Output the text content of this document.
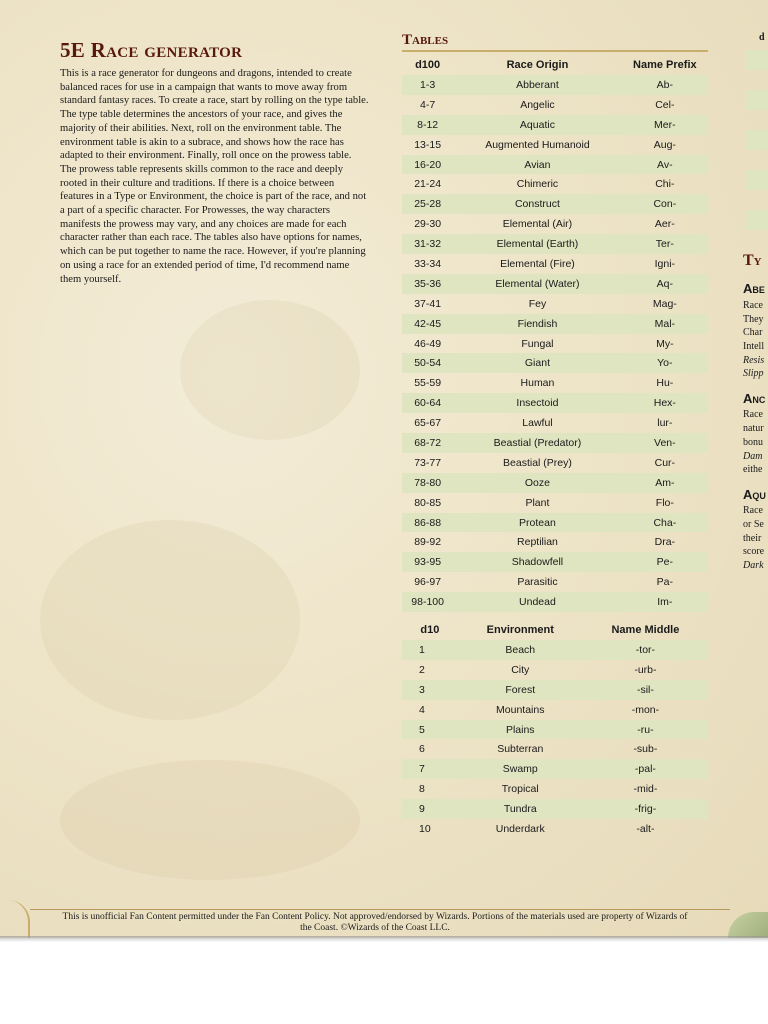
5E Race generator

This is a race generator for dungeons and dragons, intended to create balanced races for use in a campaign that wants to move away from standard fantasy races. To create a race, start by rolling on the type table. The type table determines the ancestors of your race, and gives the majority of their abilities. Next, roll on the environment table. The environment table is akin to a subrace, and shows how the race has adapted to their environment. Finally, roll once on the prowess table. The prowess table represents skills common to the race and deeply rooted in their culture and traditions. If there is a choice between features in a Type or Environment, the choice is part of the race, and not a part of a specific character. For Prowesses, the way characters manifests the prowess may vary, and any choices are made for each character rather than each race. The tables also have options for names, which can be put together to name the race. However, if you're planning on using a race for an extended period of time, I'd recommend name them yourself.

Tables
d100	Race Origin	Name Prefix
1-3	Abberant	Ab-
4-7	Angelic	Cel-
8-12	Aquatic	Mer-
13-15	Augmented Humanoid	Aug-
16-20	Avian	Av-
21-24	Chimeric	Chi-
25-28	Construct	Con-
29-30	Elemental (Air)	Aer-
31-32	Elemental (Earth)	Ter-
33-34	Elemental (Fire)	Igni-
35-36	Elemental (Water)	Aq-
37-41	Fey	Mag-
42-45	Fiendish	Mal-
46-49	Fungal	My-
50-54	Giant	Yo-
55-59	Human	Hu-
60-64	Insectoid	Hex-
65-67	Lawful	lur-
68-72	Beastial (Predator)	Ven-
73-77	Beastial (Prey)	Cur-
78-80	Ooze	Am-
80-85	Plant	Flo-
86-88	Protean	Cha-
89-92	Reptilian	Dra-
93-95	Shadowfell	Pe-
96-97	Parasitic	Pa-
98-100	Undead	Im-
d10	Environment	Name Middle
1	Beach	-tor-
2	City	-urb-
3	Forest	-sil-
4	Mountains	-mon-
5	Plains	-ru-
6	Subterran	-sub-
7	Swamp	-pal-
8	Tropical	-mid-
9	Tundra	-frig-
10	Underdark	-alt-
d
Ty
Abe
Race
They
Char
Intell
Resis
Slipp
Anc
Race
natur
bonu
Dam
eithe
Aqu
Race
or Se
their
score
Dark

This is unofficial Fan Content permitted under the Fan Content Policy. Not approved/endorsed by Wizards. Portions of the materials used are property of Wizards of the Coast. ©Wizards of the Coast LLC.
